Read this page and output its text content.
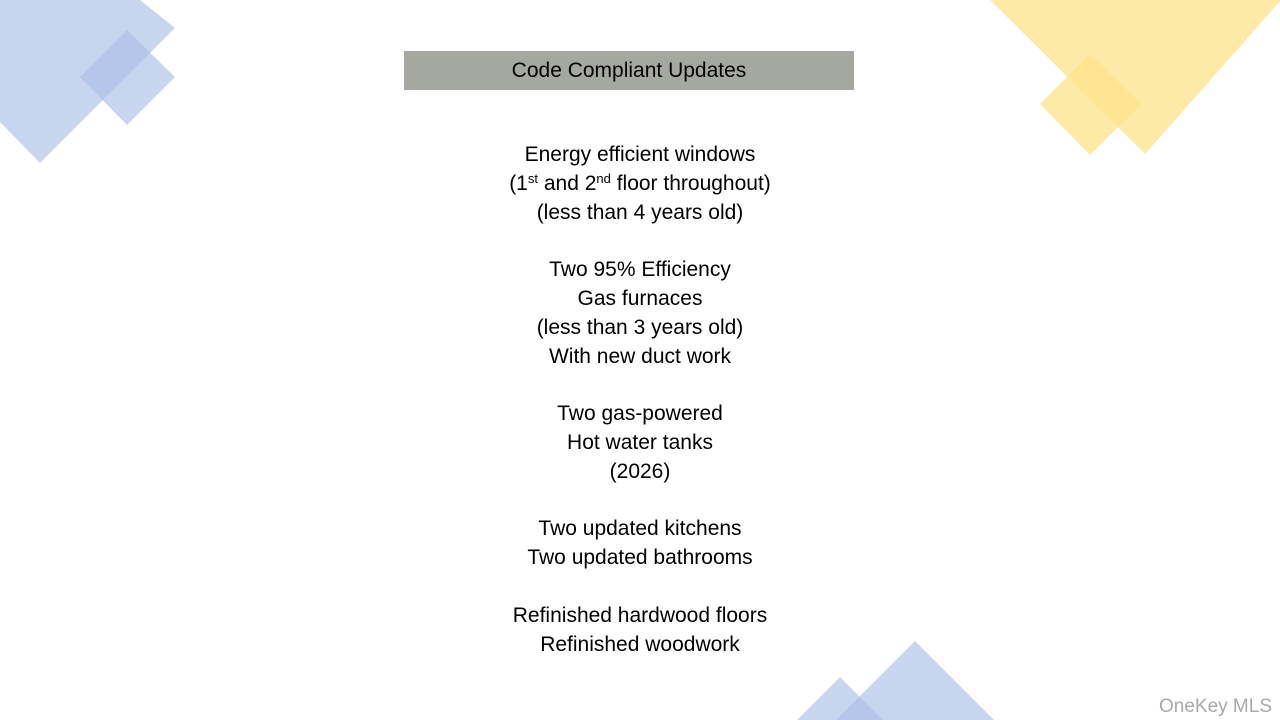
Code Compliant Updates
Energy efficient windows
(1st and 2nd floor throughout)
(less than 4 years old)
Two 95% Efficiency
Gas furnaces
(less than 3 years old)
With new duct work
Two gas-powered
Hot water tanks
(2026)
Two updated kitchens
Two updated bathrooms
Refinished hardwood floors
Refinished woodwork
OneKey MLS
